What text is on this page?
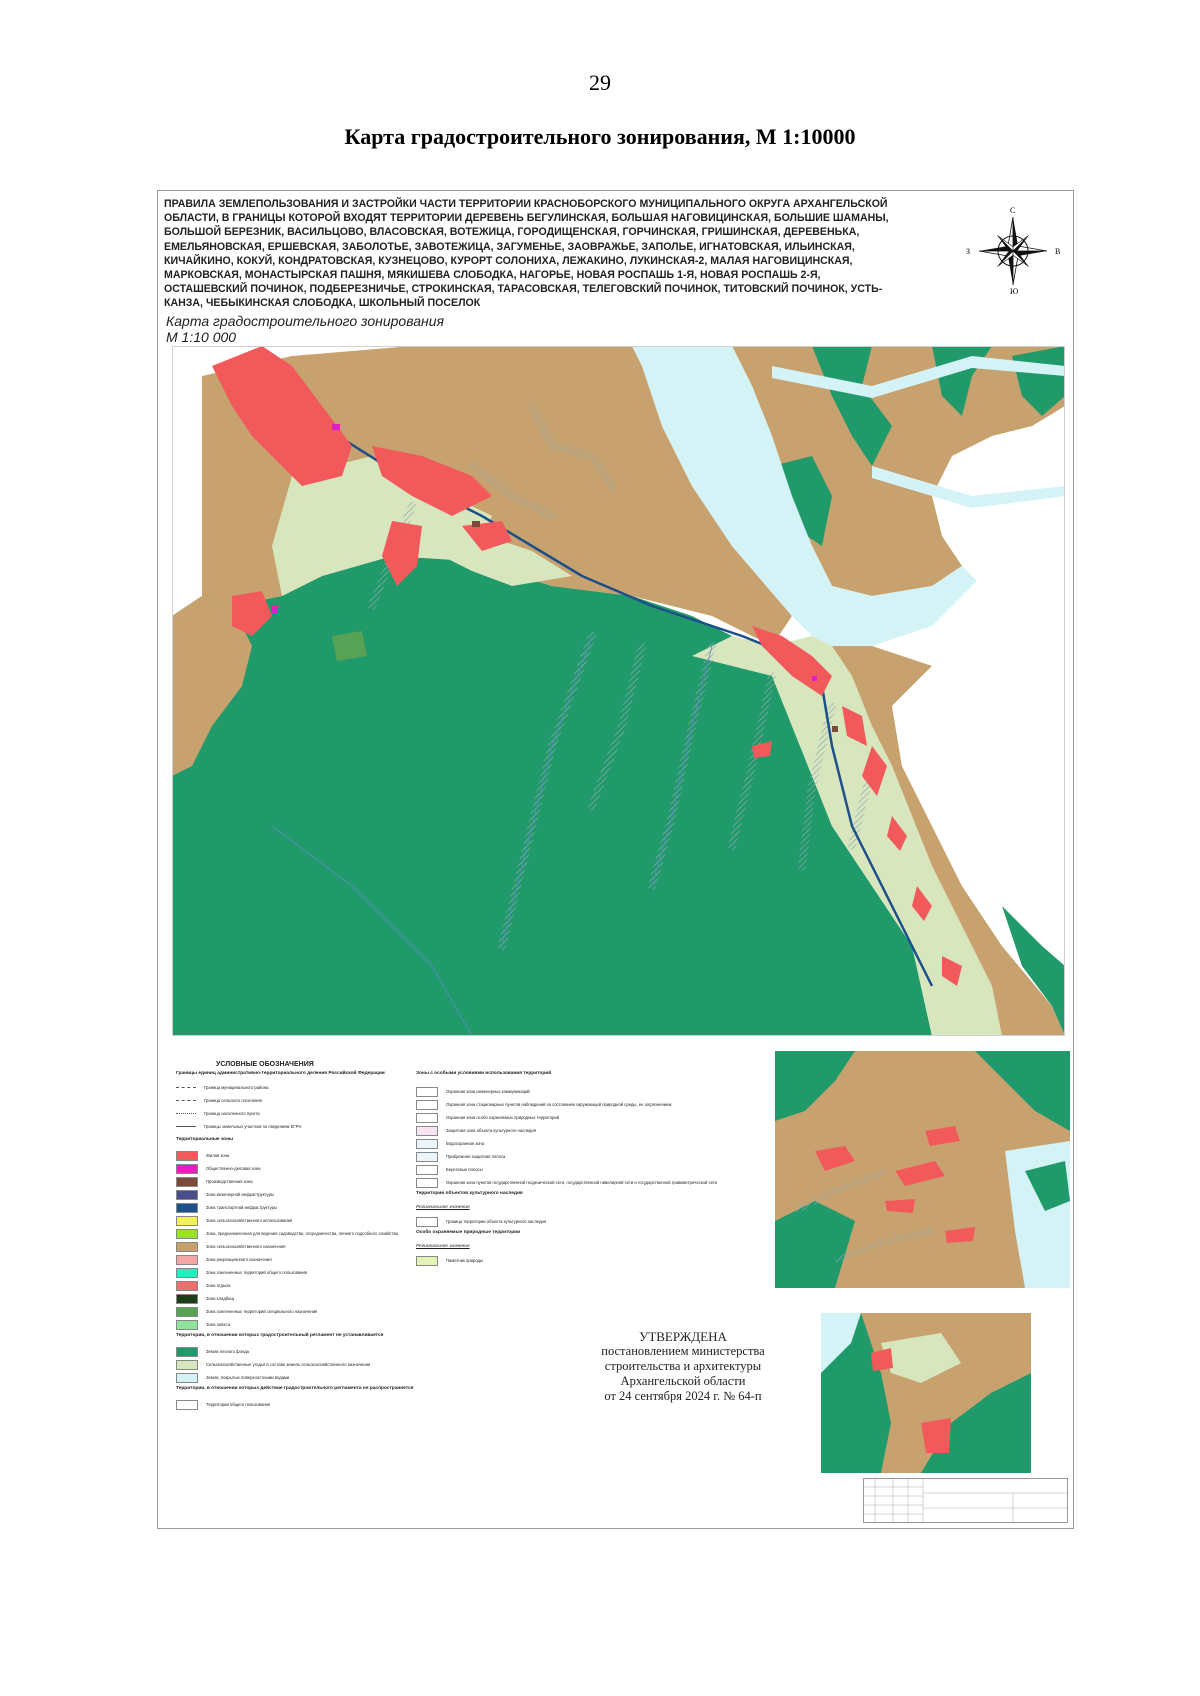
29
Карта градостроительного зонирования, М 1:10000
ПРАВИЛА ЗЕМЛЕПОЛЬЗОВАНИЯ И ЗАСТРОЙКИ ЧАСТИ ТЕРРИТОРИИ КРАСНОБОРСКОГО МУНИЦИПАЛЬНОГО ОКРУГА АРХАНГЕЛЬСКОЙ
ОБЛАСТИ, В ГРАНИЦЫ КОТОРОЙ ВХОДЯТ ТЕРРИТОРИИ ДЕРЕВЕНЬ БЕГУЛИНСКАЯ, БОЛЬШАЯ НАГОВИЦИНСКАЯ, БОЛЬШИЕ ШАМАНЫ,
БОЛЬШОЙ БЕРЕЗНИК, ВАСИЛЬЦОВО, ВЛАСОВСКАЯ, ВОТЕЖИЦА, ГОРОДИЩЕНСКАЯ, ГОРЧИНСКАЯ, ГРИШИНСКАЯ, ДЕРЕВЕНЬКА,
ЕМЕЛЬЯНОВСКАЯ, ЕРШЕВСКАЯ, ЗАБОЛОТЬЕ, ЗАВОТЕЖИЦА, ЗАГУМЕНЬЕ, ЗАОВРАЖЬЕ, ЗАПОЛЬЕ, ИГНАТОВСКАЯ, ИЛЬИНСКАЯ,
КИЧАЙКИНО, КОКУЙ, КОНДРАТОВСКАЯ, КУЗНЕЦОВО, КУРОРТ СОЛОНИХА, ЛЕЖАКИНО, ЛУКИНСКАЯ-2, МАЛАЯ НАГОВИЦИНСКАЯ,
МАРКОВСКАЯ, МОНАСТЫРСКАЯ ПАШНЯ, МЯКИШЕВА СЛОБОДКА, НАГОРЬЕ, НОВАЯ РОСПАШЬ 1-Я, НОВАЯ РОСПАШЬ 2-Я,
ОСТАШЕВСКИЙ ПОЧИНОК, ПОДБЕРЕЗНИЧЬЕ, СТРОКИНСКАЯ, ТАРАСОВСКАЯ, ТЕЛЕГОВСКИЙ ПОЧИНОК, ТИТОВСКИЙ ПОЧИНОК, УСТЬ-
КАНЗА, ЧЕБЫКИНСКАЯ СЛОБОДКА, ШКОЛЬНЫЙ ПОСЕЛОК
С
Ю
З	В
Карта градостроительного зонирования
М 1:10 000
УСЛОВНЫЕ ОБОЗНАЧЕНИЯ
Границы единиц административно-территориального деления Российской Федерации
Граница муниципального района
Граница сельского поселения
Граница населенного пункта
Границы земельных участков по сведениям ЕГРН
Территориальные зоны
Жилая зона
Общественно-деловая зона
Производственная зона
Зона инженерной инфраструктуры
Зона транспортной инфраструктуры
Зона сельскохозяйственного использования
Зона, предназначенная для ведения садоводства, огородничества, личного подсобного хозяйства
Зона сельскохозяйственного назначения
Зона рекреационного назначения
Зона озелененных территорий общего пользования
Зона отдыха
Зона кладбищ
Зона озелененных территорий специального назначения
Зона запаса
Территории, в отношении которых градостроительный регламент не устанавливается
Земли лесного фонда
Сельскохозяйственные угодья в составе земель сельскохозяйственного назначения
Земли, покрытые поверхностными водами
Территории, в отношении которых действие градостроительного регламента не распространяется
Территории общего пользования
Зоны с особыми условиями использования территорий
Охранная зона инженерных коммуникаций
Охранная зона стационарных пунктов наблюдений за состоянием окружающей природной среды, ее загрязнением
Охранная зона особо охраняемых природных территорий
Защитная зона объекта культурного наследия
Водоохранная зона
Прибрежная защитная полоса
Береговые полосы
Охранная зона пунктов государственной геодезической сети, государственной нивелирной сети и государственной гравиметрической сети
Территории объектов культурного наследия
Региональное значение
Граница территории объекта культурного наследия
Особо охраняемые природные территории
Региональное значение
Памятник природы
УТВЕРЖДЕНА
постановлением министерства
строительства и архитектуры
Архангельской области
от 24 сентября 2024 г. № 64-п
